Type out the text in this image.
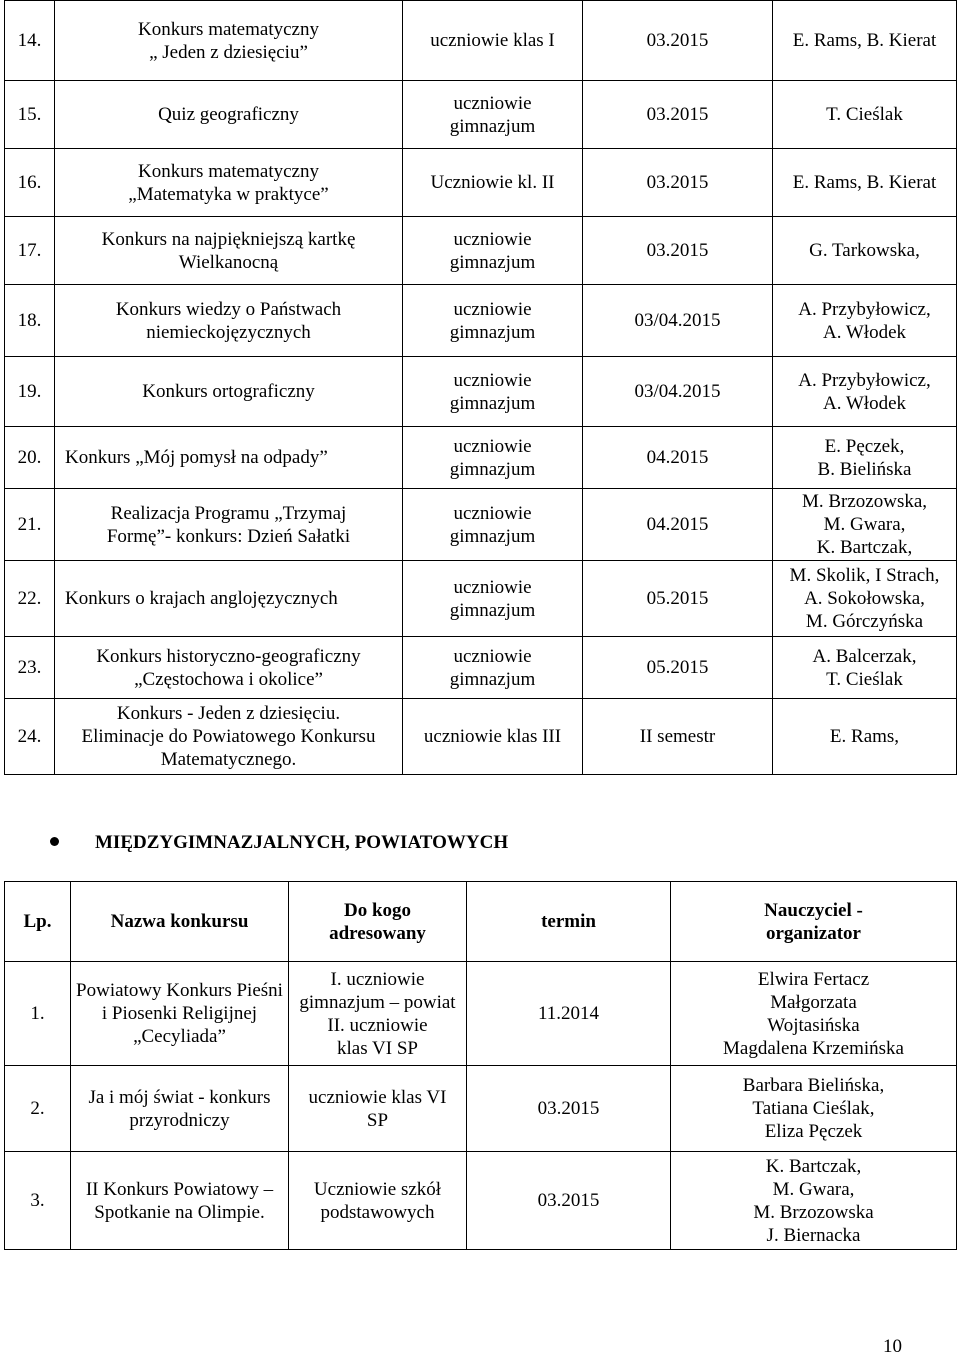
14.	Konkurs matematyczny
„ Jeden z dziesięciu”	uczniowie klas I	03.2015	E. Rams, B. Kierat
15.	Quiz geograficzny	uczniowie
gimnazjum	03.2015	T. Cieślak
16.	Konkurs matematyczny
„Matematyka w praktyce”	Uczniowie kl. II	03.2015	E. Rams, B. Kierat
17.	Konkurs na najpiękniejszą kartkę
Wielkanocną	uczniowie
gimnazjum	03.2015	G. Tarkowska,
18.	Konkurs wiedzy o Państwach
niemieckojęzycznych	uczniowie
gimnazjum	03/04.2015	A. Przybyłowicz,
A. Włodek
19.	Konkurs ortograficzny	uczniowie
gimnazjum	03/04.2015	A. Przybyłowicz,
A. Włodek
20.	Konkurs „Mój pomysł na odpady”	uczniowie
gimnazjum	04.2015	E. Pęczek,
B. Bielińska
21.	Realizacja Programu „Trzymaj
Formę”- konkurs: Dzień Sałatki	uczniowie
gimnazjum	04.2015	M. Brzozowska,
M. Gwara,
K. Bartczak,
22.	Konkurs o krajach anglojęzycznych	uczniowie
gimnazjum	05.2015	M. Skolik, I Strach,
A. Sokołowska,
M. Górczyńska
23.	Konkurs historyczno-geograficzny
„Częstochowa i okolice”	uczniowie
gimnazjum	05.2015	A. Balcerzak,
T. Cieślak
24.	Konkurs - Jeden z dziesięciu.
Eliminacje do Powiatowego Konkursu
Matematycznego.	uczniowie klas III	II semestr	E. Rams,
MIĘDZYGIMNAZJALNYCH, POWIATOWYCH
Lp.	Nazwa konkursu	Do kogo
adresowany	termin	Nauczyciel -
organizator
1.	Powiatowy Konkurs Pieśni
i Piosenki Religijnej
„Cecyliada”	I. uczniowie
gimnazjum – powiat
II. uczniowie
klas VI SP	11.2014	Elwira Fertacz
Małgorzata
Wojtasińska
Magdalena Krzemińska
2.	Ja i mój świat - konkurs
przyrodniczy	uczniowie klas VI
SP	03.2015	Barbara Bielińska,
Tatiana Cieślak,
Eliza Pęczek
3.	II Konkurs Powiatowy –
Spotkanie na Olimpie.	Uczniowie szkół
podstawowych	03.2015	K. Bartczak,
M. Gwara,
M. Brzozowska
J. Biernacka
10
